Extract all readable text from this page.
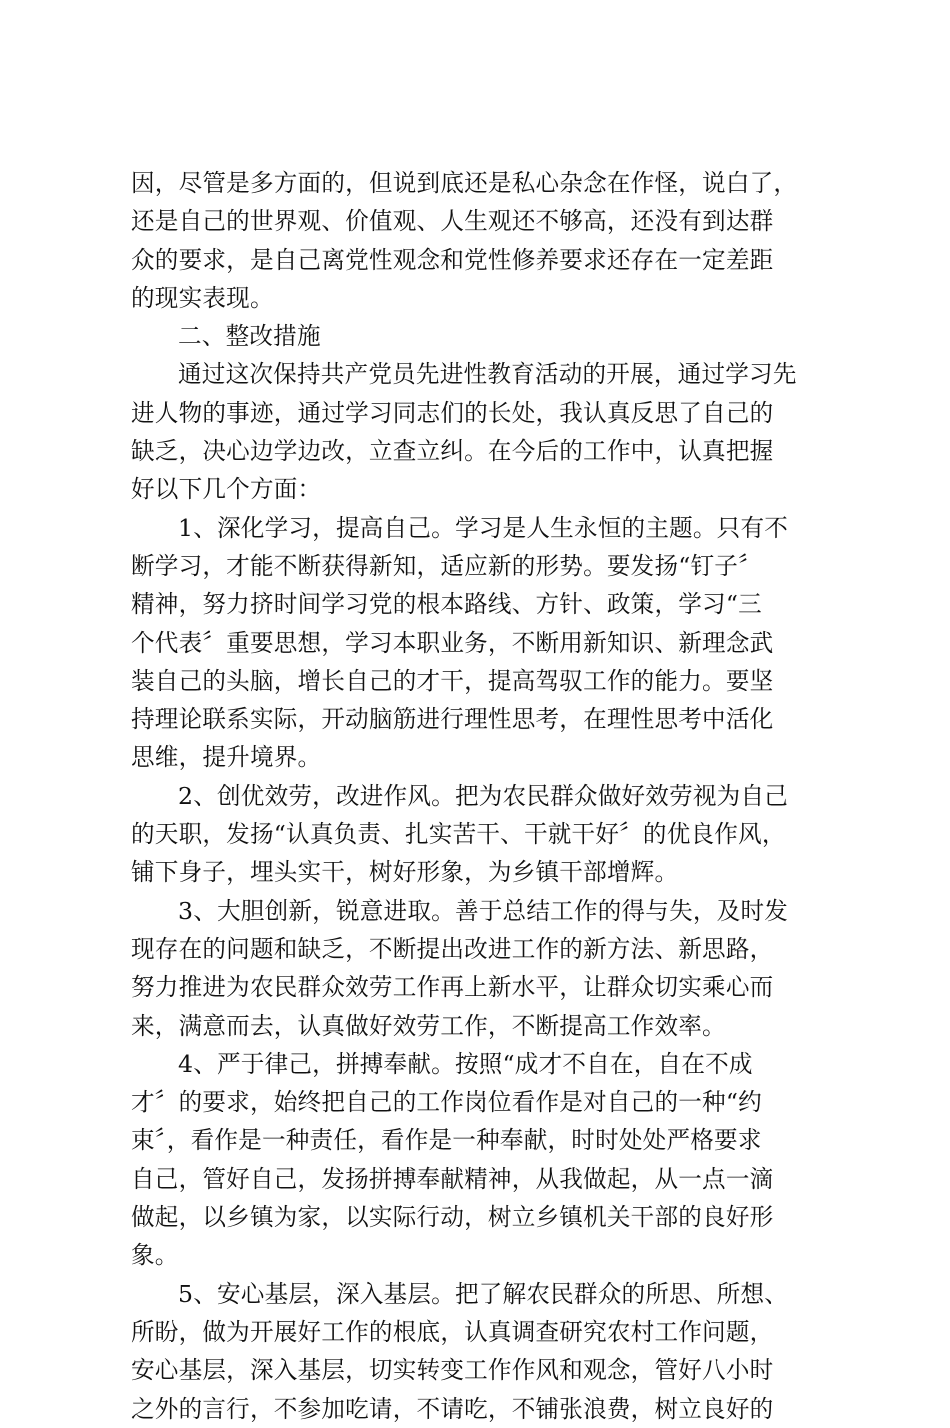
因，尽管是多方面的，但说到底还是私心杂念在作怪，说白了，
还是自己的世界观、价值观、人生观还不够高，还没有到达群
众的要求，是自己离党性观念和党性修养要求还存在一定差距
的现实表现。
二、整改措施
通过这次保持共产党员先进性教育活动的开展，通过学习先
进人物的事迹，通过学习同志们的长处，我认真反思了自己的
缺乏，决心边学边改，立查立纠。在今后的工作中，认真把握
好以下几个方面：
1、深化学习，提高自己。学习是人生永恒的主题。只有不
断学习，才能不断获得新知，适应新的形势。要发扬“钉子〞
精神，努力挤时间学习党的根本路线、方针、政策，学习“三
个代表〞重要思想，学习本职业务，不断用新知识、新理念武
装自己的头脑，增长自己的才干，提高驾驭工作的能力。要坚
持理论联系实际，开动脑筋进行理性思考，在理性思考中活化
思维，提升境界。
2、创优效劳，改进作风。把为农民群众做好效劳视为自己
的天职，发扬“认真负责、扎实苦干、干就干好〞的优良作风，
铺下身子，埋头实干，树好形象，为乡镇干部增辉。
3、大胆创新，锐意进取。善于总结工作的得与失，及时发
现存在的问题和缺乏，不断提出改进工作的新方法、新思路，
努力推进为农民群众效劳工作再上新水平，让群众切实乘心而
来，满意而去，认真做好效劳工作，不断提高工作效率。
4、严于律己，拼搏奉献。按照“成才不自在，自在不成
才〞的要求，始终把自己的工作岗位看作是对自己的一种“约
束〞，看作是一种责任，看作是一种奉献，时时处处严格要求
自己，管好自己，发扬拼搏奉献精神，从我做起，从一点一滴
做起，以乡镇为家，以实际行动，树立乡镇机关干部的良好形
象。
5、安心基层，深入基层。把了解农民群众的所思、所想、
所盼，做为开展好工作的根底，认真调查研究农村工作问题，
安心基层，深入基层，切实转变工作作风和观念，管好八小时
之外的言行，不参加吃请，不请吃，不铺张浪费，树立良好的
